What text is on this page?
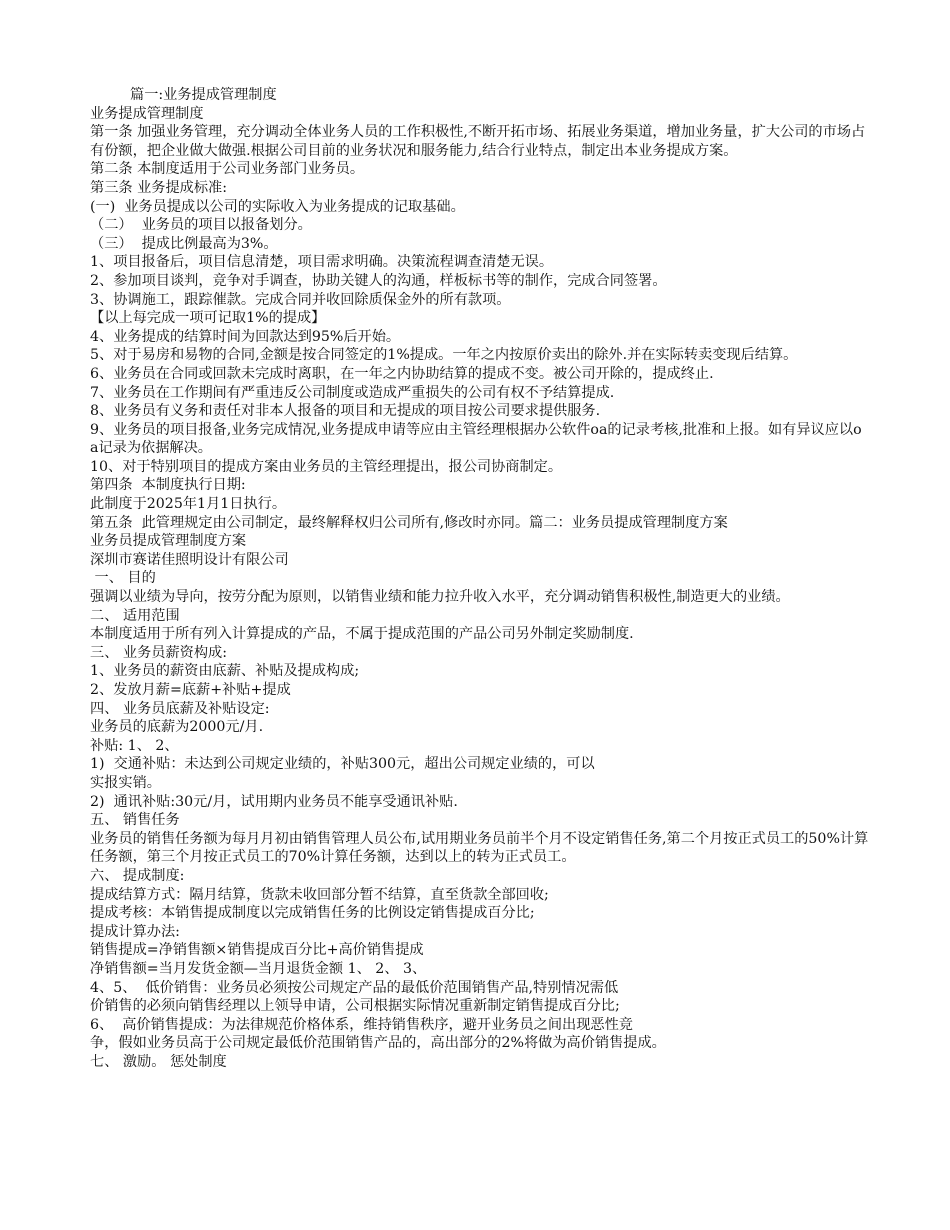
篇一:业务提成管理制度

业务提成管理制度

第一条 加强业务管理，充分调动全体业务人员的工作积极性,不断开拓市场、拓展业务渠道，增加业务量，扩大公司的市场占有份额，把企业做大做强.根据公司目前的业务状况和服务能力,结合行业特点，制定出本业务提成方案。

第二条 本制度适用于公司业务部门业务员。

第三条 业务提成标准:

(一)  业务员提成以公司的实际收入为业务提成的记取基础。

（二）  业务员的项目以报备划分。

（三）  提成比例最高为3%。

1、项目报备后，项目信息清楚，项目需求明确。决策流程调查清楚无误。

2、参加项目谈判，竞争对手调查，协助关键人的沟通，样板标书等的制作，完成合同签署。

3、协调施工，跟踪催款。完成合同并收回除质保金外的所有款项。

【以上每完成一项可记取1%的提成】

4、业务提成的结算时间为回款达到95%后开始。

5、对于易房和易物的合同,金额是按合同签定的1%提成。一年之内按原价卖出的除外.并在实际转卖变现后结算。

6、业务员在合同或回款未完成时离职，在一年之内协助结算的提成不变。被公司开除的，提成终止.

7、业务员在工作期间有严重违反公司制度或造成严重损失的公司有权不予结算提成.

8、业务员有义务和责任对非本人报备的项目和无提成的项目按公司要求提供服务.

9、业务员的项目报备,业务完成情况,业务提成申请等应由主管经理根据办公软件oa的记录考核,批准和上报。如有异议应以oa记录为依据解决。

10、对于特别项目的提成方案由业务员的主管经理提出，报公司协商制定。

第四条  本制度执行日期:

此制度于2025年1月1日执行。

第五条  此管理规定由公司制定，最终解释权归公司所有,修改时亦同。篇二：业务员提成管理制度方案

业务员提成管理制度方案

深圳市赛诺佳照明设计有限公司

一、 目的

强调以业绩为导向，按劳分配为原则，以销售业绩和能力拉升收入水平，充分调动销售积极性,制造更大的业绩。

二、 适用范围

本制度适用于所有列入计算提成的产品，不属于提成范围的产品公司另外制定奖励制度.

三、 业务员薪资构成:

1、业务员的薪资由底薪、补贴及提成构成;

2、发放月薪=底薪+补贴+提成

四、 业务员底薪及补贴设定:

业务员的底薪为2000元/月.

补贴: 1、 2、

1)  交通补贴：未达到公司规定业绩的，补贴300元，超出公司规定业绩的，可以

实报实销。

2)  通讯补贴:30元/月，试用期内业务员不能享受通讯补贴.

五、 销售任务

业务员的销售任务额为每月月初由销售管理人员公布,试用期业务员前半个月不设定销售任务,第二个月按正式员工的50%计算任务额，第三个月按正式员工的70%计算任务额，达到以上的转为正式员工。

六、 提成制度:

提成结算方式：隔月结算，货款未收回部分暂不结算，直至货款全部回收;

提成考核：本销售提成制度以完成销售任务的比例设定销售提成百分比;

提成计算办法:

销售提成=净销售额×销售提成百分比+高价销售提成

净销售额=当月发货金额—当月退货金额 1、 2、 3、

4、5、  低价销售：业务员必须按公司规定产品的最低价范围销售产品,特别情况需低

价销售的必须向销售经理以上领导申请，公司根据实际情况重新制定销售提成百分比;

6、  高价销售提成：为法律规范价格体系，维持销售秩序，避开业务员之间出现恶性竞

争，假如业务员高于公司规定最低价范围销售产品的，高出部分的2%将做为高价销售提成。

七、 激励。 惩处制度
